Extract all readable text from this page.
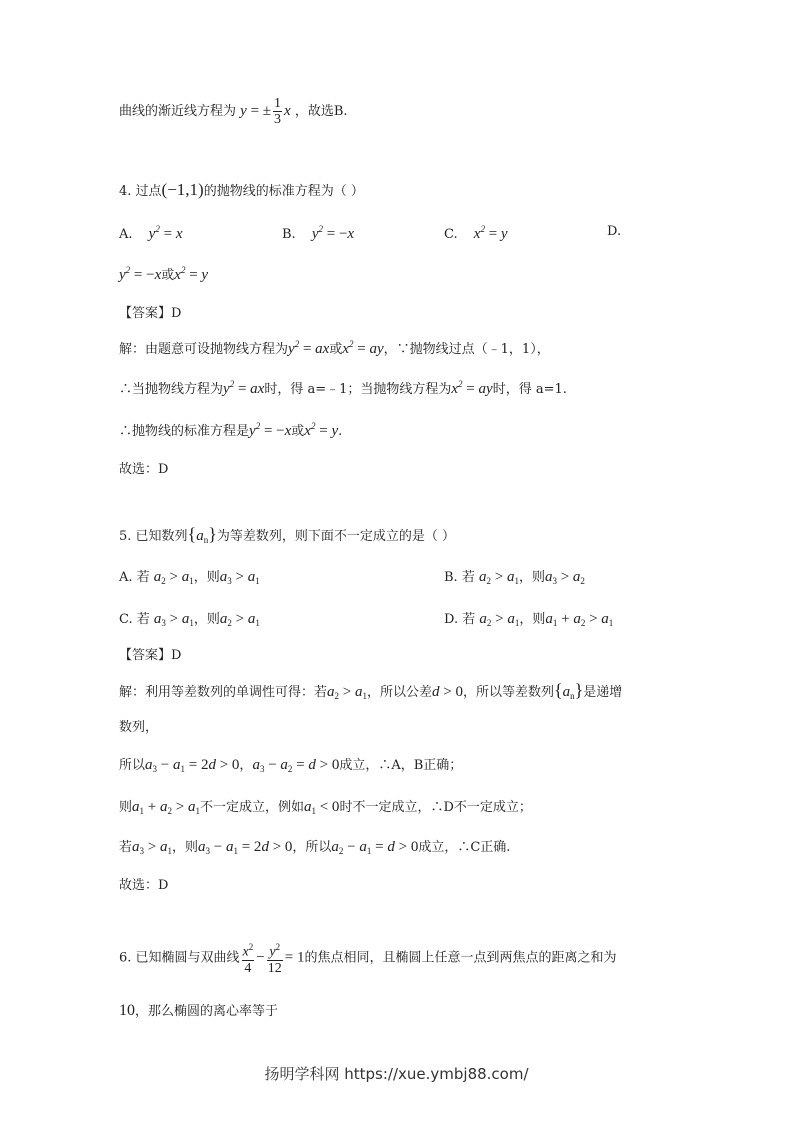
曲线的渐近线方程为 y = ± $\frac{1}{3}$ x ，故选B.
4. 过点(−1,1)的抛物线的标准方程为（ ）
A. $y^2 = x$	B. $y^2 = -x$	C. $x^2 = y$	D.
$y^2 = -x$或$x^2 = y$
【答案】D
解：由题意可设抛物线方程为$y^2$ = ax或$x^2$ = ay，∵抛物线过点（﹣1，1），
∴当抛物线方程为$y^2$ = ax时，得 a=﹣1；当抛物线方程为$x^2$ = ay时，得 a=1.
∴抛物线的标准方程是$y^2 = -x$或$x^2 = y$.
故选：D
5. 已知数列$\{a_n\}$为等差数列，则下面不一定成立的是（ ）
A. 若 $a_2 > a_1$，则$a_3 > a_1$	B. 若 $a_2 > a_1$，则$a_3 > a_2$
C. 若 $a_3 > a_1$，则$a_2 > a_1$	D. 若 $a_2 > a_1$，则$a_1 + a_2 > a_1$
【答案】D
解：利用等差数列的单调性可得：若$a_2 > a_1$，所以公差d > 0，所以等差数列$\{a_n\}$是递增
数列，
所以$a_3 - a_1 = 2d > 0$，$a_3 - a_2 = d > 0$成立，∴A，B正确；
则$a_1 + a_2 > a_1$不一定成立，例如$a_1 < 0$时不一定成立，∴D不一定成立；
若$a_3 > a_1$，则$a_3 - a_1 = 2d > 0$，所以$a_2 - a_1 = d > 0$成立，∴C正确.
故选：D
6. 已知椭圆与双曲线 $\frac{x^2}{4} - \frac{y^2}{12} = 1$的焦点相同，且椭圆上任意一点到两焦点的距离之和为
10，那么椭圆的离心率等于
扬明学科网 https://xue.ymbj88.com/
